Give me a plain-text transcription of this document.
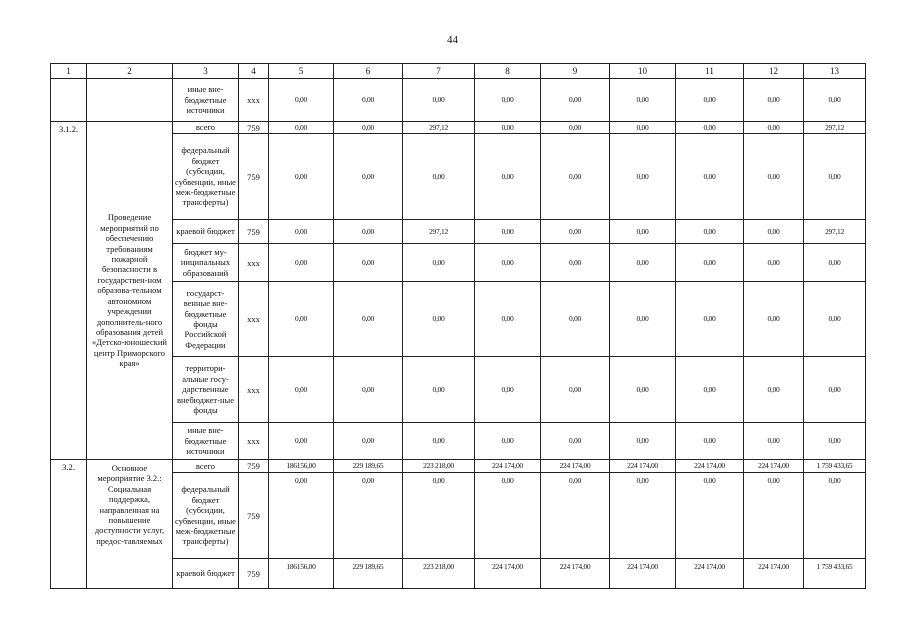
44
1	2	3	4	5	6	7	8	9	10	11	12	13
		иные вне-бюджетные источники	ххх	0,00	0,00	0,00	0,00	0,00	0,00	0,00	0,00	0,00
3.1.2.	Проведение мероприятий по обеспечению требованиям пожарной безопасности в государствен-ном образова-тельном автономном учреждении дополнитель-ного образования детей «Детско-юношеский центр Приморского края»	всего	759	0,00	0,00	297,12	0,00	0,00	0,00	0,00	0,00	297,12
		федеральный бюджет (субсидии, субвенции, иные меж-бюджетные трансферты)	759	0,00	0,00	0,00	0,00	0,00	0,00	0,00	0,00	0,00
		краевой бюджет	759	0,00	0,00	297,12	0,00	0,00	0,00	0,00	0,00	297,12
		бюджет му-ниципальных образований	ххх	0,00	0,00	0,00	0,00	0,00	0,00	0,00	0,00	0,00
		государст-венные вне-бюджетные фонды Российской Федерации	ххх	0,00	0,00	0,00	0,00	0,00	0,00	0,00	0,00	0,00
		территори-альные госу-дарственные внебюджет-ные фонды	ххх	0,00	0,00	0,00	0,00	0,00	0,00	0,00	0,00	0,00
		иные вне-бюджетные источники	ххх	0,00	0,00	0,00	0,00	0,00	0,00	0,00	0,00	0,00

3.2.	Основное мероприятие 3.2.: Социальная поддержка, направленная на повышение доступности услуг, предос-тавляемых	всего	759	186156,00	229 189,65	223 218,00	224 174,00	224 174,00	224 174,00	224 174,00	224 174,00	1 759 433,65
		федеральный бюджет (субсидии, субвенции, иные меж-бюджетные трансферты)	759	0,00	0,00	0,00	0,00	0,00	0,00	0,00	0,00	0,00
		краевой бюджет	759	186156,00	229 189,65	223 218,00	224 174,00	224 174,00	224 174,00	224 174,00	224 174,00	1 759 433,65
